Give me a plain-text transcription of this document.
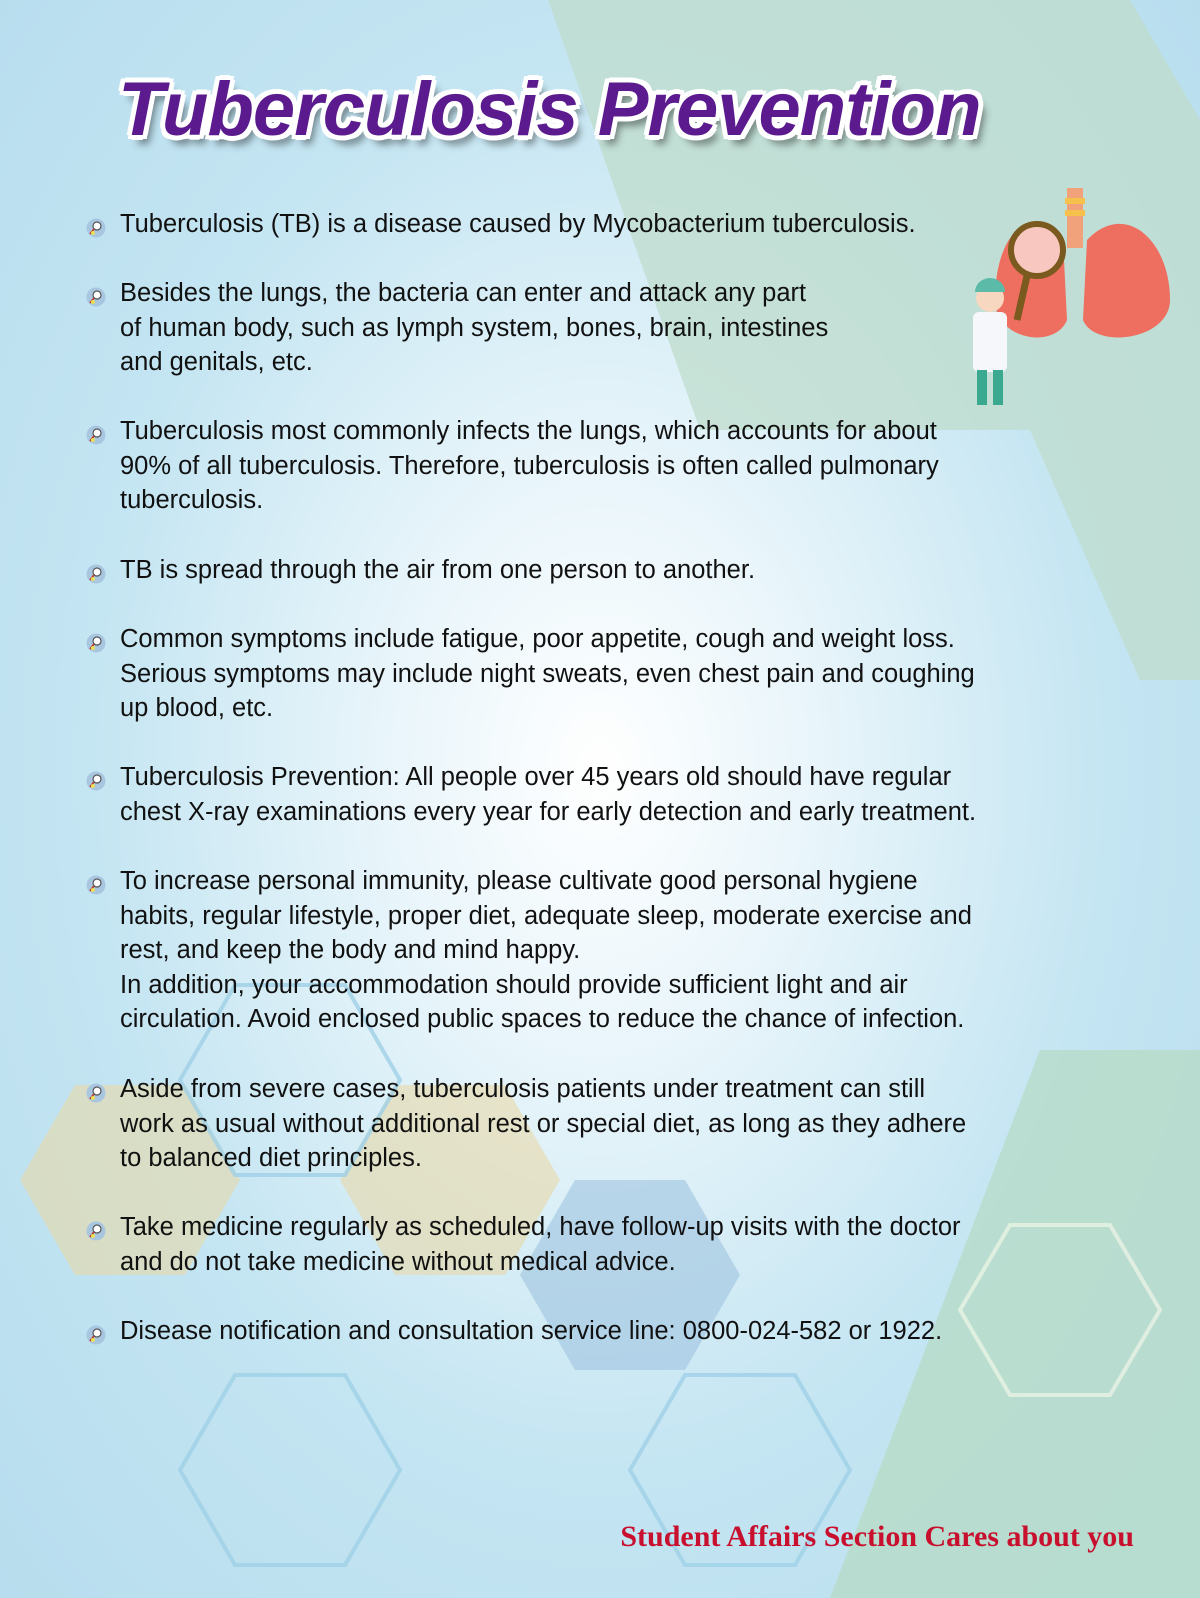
Tuberculosis Prevention
Tuberculosis (TB) is a disease caused by Mycobacterium tuberculosis.
Besides the lungs, the bacteria can enter and attack any part
of human body, such as lymph system, bones, brain, intestines
and genitals, etc.
Tuberculosis most commonly infects the lungs, which accounts for about
90% of all tuberculosis. Therefore, tuberculosis is often called pulmonary
tuberculosis.
TB is spread through the air from one person to another.
Common symptoms include fatigue, poor appetite, cough and weight loss.
Serious symptoms may include night sweats, even chest pain and coughing
up blood, etc.
Tuberculosis Prevention: All people over 45 years old should have regular
chest X-ray examinations every year for early detection and early treatment.
To increase personal immunity, please cultivate good personal hygiene
habits, regular lifestyle, proper diet, adequate sleep, moderate exercise and
rest, and keep the body and mind happy.
In addition, your accommodation should provide sufficient light and air
circulation. Avoid enclosed public spaces to reduce the chance of infection.
Aside from severe cases, tuberculosis patients under treatment can still
work as usual without additional rest or special diet, as long as they adhere
to balanced diet principles.
Take medicine regularly as scheduled, have follow-up visits with the doctor
and do not take medicine without medical advice.
Disease notification and consultation service line: 0800-024-582 or 1922.
Student Affairs Section Cares about you
